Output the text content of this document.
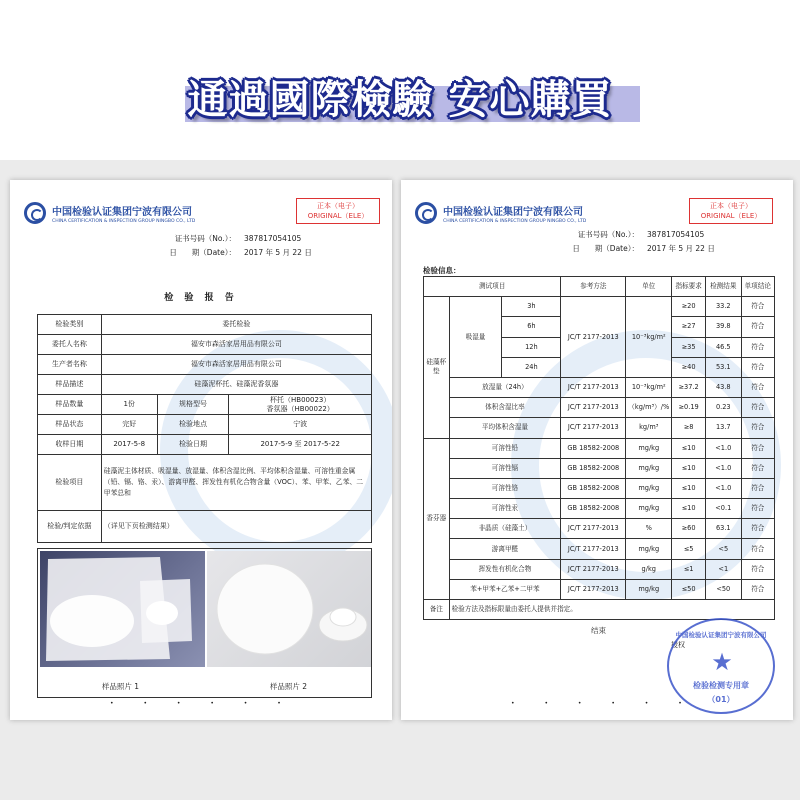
通過國際檢驗 安心購買
中国检验认证集团宁波有限公司
CHINA CERTIFICATION & INSPECTION GROUP NINGBO CO., LTD
正本（电子）
ORIGINAL（ELE）
证书号码（No.）： 387817054105
日　　期（Date）： 2017 年 5 月 22 日
检 验 报 告
检验类别	委托检验		
委托人名称	福安市森活家居用品有限公司		
生产者名称	福安市森活家居用品有限公司		
样品描述	硅藻泥杯托、硅藻泥香氛器		
样品数量	1份	规格型号	杯托（HB00023）
香氛器（HB00022）

样品状态	完好	检验地点	宁波
收样日期	2017-5-8	检验日期	2017-5-9 至 2017-5-22
检验项目	硅藻泥主体材质、吸湿量、放湿量、体积含湿比例、平均体积含湿量、可溶性重金属（铅、镉、铬、汞）、游离甲醛、挥发性有机化合物含量（VOC）、苯、甲苯、乙苯、二甲苯总和		
检验/判定依据	（详见下页检测结果）		
样品照片 1	样品照片 2
• • • • • •
中国检验认证集团宁波有限公司
CHINA CERTIFICATION & INSPECTION GROUP NINGBO CO., LTD
正本（电子）
ORIGINAL（ELE）
证书号码（No.）： 387817054105
日　　期（Date）： 2017 年 5 月 22 日
检验信息：
测试项目			参考方法	单位	指标要求	检测结果	单项结论
硅藻杯垫	吸湿量	3h	JC/T 2177-2013	10⁻³kg/m²	≥20	33.2	符合
		6h			≥27	39.8	符合
		12h			≥35	46.5	符合
		24h			≥40	53.1	符合
	放湿量（24h）		JC/T 2177-2013	10⁻³kg/m²	≥37.2	43.8	符合
	体积含湿比率		JC/T 2177-2013	（kg/m³）/%	≥0.19	0.23	符合
	平均体积含湿量		JC/T 2177-2013	kg/m³	≥8	13.7	符合
香芬器	可溶性铅		GB 18582-2008	mg/kg	≤10	<1.0	符合
	可溶性镉		GB 18582-2008	mg/kg	≤10	<1.0	符合
	可溶性铬		GB 18582-2008	mg/kg	≤10	<1.0	符合
	可溶性汞		GB 18582-2008	mg/kg	≤10	<0.1	符合
	非晶质（硅藻土）		JC/T 2177-2013	%	≥60	63.1	符合
	游离甲醛		JC/T 2177-2013	mg/kg	≤5	<5	符合
	挥发性有机化合物		JC/T 2177-2013	g/kg	≤1	<1	符合
	苯+甲苯+乙苯+二甲苯		JC/T 2177-2013	mg/kg	≤50	<50	符合
备注	检验方法及指标限量由委托人提供并指定。						
结束
授权
中国检验认证集团宁波有限公司
★
检验检测专用章
（01）
• • • • • •
